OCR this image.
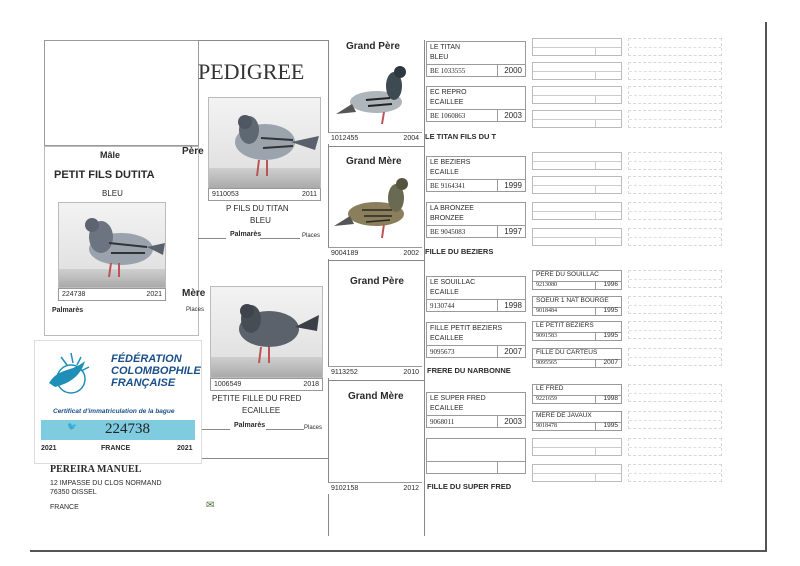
PEDIGREE
Mâle
PETIT FILS DUTITA
BLEU
224738	2021
Palmarès
Père
9110053	2011
P FILS DU TITAN
BLEU
Palmarès	Places
Mère
Places
1006549	2018
PETITE FILLE DU FRED
ECAILLEE
Palmarès	Places
Grand Père
1012455	2004 LE TITAN FILS DU T
Grand Mère
9004189	2002 FILLE DU BEZIERS
Grand Père
9113252	2010 FRERE DU NARBONNE
Grand Mère
9102158	2012 FILLE DU SUPER FRED
LE TITAN
BLEU
BE 1033555	2000
EC REPRO
ECAILLEE
BE 1060863	2003
LE BEZIERS
ECAILLE
BE 9164341	1999
LA BRONZEE
BRONZEE
BE 9045083	1997
LE SOUILLAC
ECAILLE
9130744	1998
FILLE PETIT BEZIERS
ECAILLEE
9095673	2007
LE SUPER FRED
ECAILLEE
9068011	2003
PERE DU SOUILLAC
9213080	1996
SOEUR 1 NAT BOURGE
9018484	1995
LE PETIT BEZIERS
9091583	1995
FILLE DU CARTEUS
9095565	2007
LE FRED
9221659	1998
MERE DE JAVAUX
9018478	1995
FÉDÉRATION
COLOMBOPHILE
FRANÇAISE
Certificat d'immatriculation de la bague
🐦 224738
2021	FRANCE	2021
PEREIRA MANUEL
12 IMPASSE DU CLOS NORMAND
76350 OISSEL
FRANCE	✉
